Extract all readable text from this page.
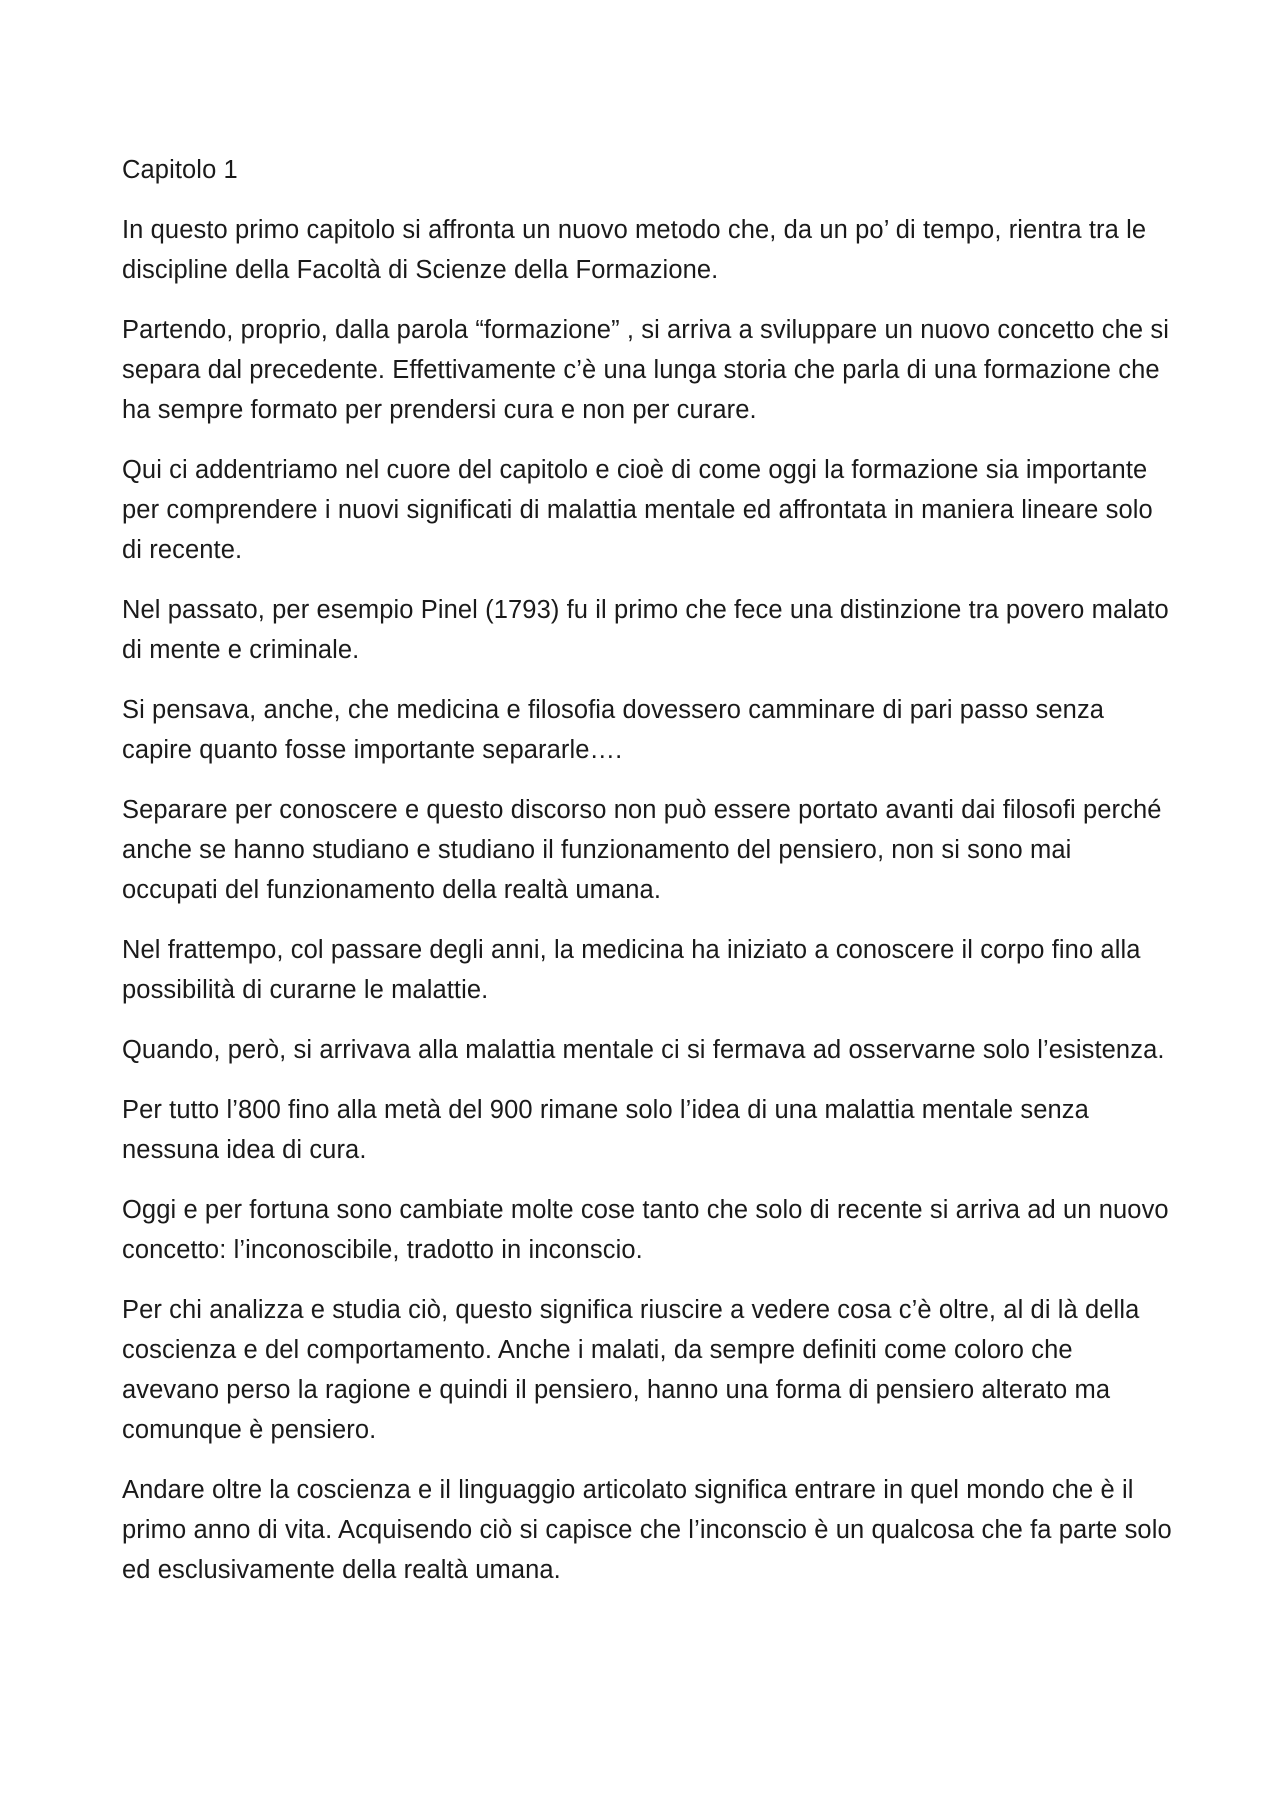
Capitolo 1

In questo primo capitolo si affronta un nuovo metodo che, da un po’ di tempo, rientra tra le discipline della Facoltà di Scienze della Formazione.

Partendo, proprio, dalla parola “formazione” , si arriva a sviluppare un nuovo concetto che si separa dal precedente. Effettivamente c’è una lunga storia che parla di una formazione che ha sempre formato per prendersi cura e non per curare.

Qui ci addentriamo nel cuore del capitolo e cioè di come oggi la formazione sia importante per comprendere i nuovi significati di malattia mentale ed affrontata in maniera lineare solo di recente.

Nel passato, per esempio Pinel (1793) fu il primo che fece una distinzione tra povero malato di mente e criminale.

Si pensava, anche, che medicina e filosofia dovessero camminare di pari passo senza capire quanto fosse importante separarle….

Separare per conoscere e questo discorso non può essere portato avanti dai filosofi perché anche se hanno studiano e studiano il funzionamento del pensiero, non si sono mai occupati del funzionamento della realtà umana.

Nel frattempo, col passare degli anni, la medicina ha iniziato a conoscere il corpo fino alla possibilità di curarne le malattie.

Quando, però, si arrivava alla malattia mentale ci si fermava ad osservarne solo l’esistenza.

Per tutto l’800 fino alla metà del 900 rimane solo l’idea di una malattia mentale senza nessuna idea di cura.

Oggi e per fortuna sono cambiate molte cose tanto che solo di recente si arriva ad un nuovo concetto: l’inconoscibile, tradotto in inconscio.

Per chi analizza e studia ciò, questo significa riuscire a vedere cosa c’è oltre, al di là della coscienza e del comportamento. Anche i malati, da sempre definiti come coloro che avevano perso la ragione e quindi il pensiero, hanno una forma di pensiero alterato ma comunque è pensiero.

Andare oltre la coscienza e il linguaggio articolato significa entrare in quel mondo che è il primo anno di vita. Acquisendo ciò si capisce che l’inconscio è un qualcosa che fa parte solo ed esclusivamente della realtà umana.
